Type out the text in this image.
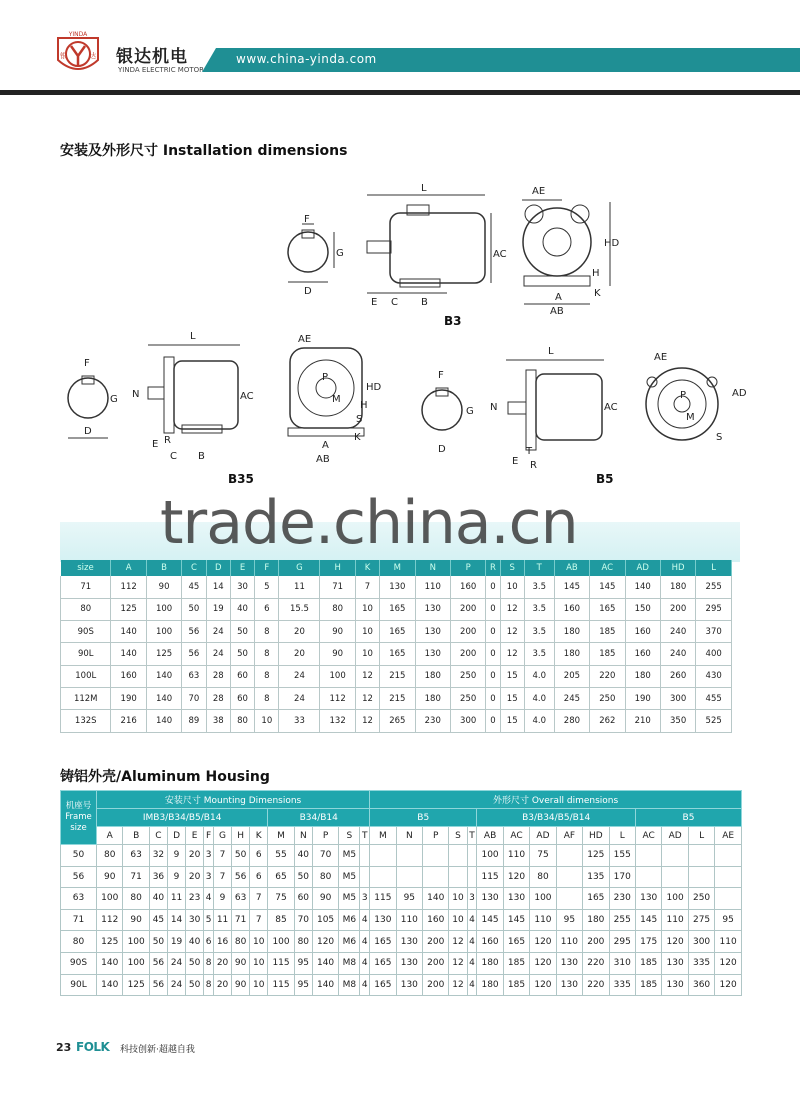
YINDA
银	达 银达机电
YINDA ELECTRIC MOTOR
www.china-yinda.com
安装及外形尺寸 Installation dimensions
F
G
D
L
AC
E C B
B3
AE
HD
H
K
A
AB
F
G
D
L
N	AC
E R
C B
B35
AE
P
M
HD
H
S
K
A
AB
F
G
D
L
N	AC
E R
T
B5
AE
P
M
AD
S
size	A	B	C	D	E	F	G	H	K	M	N	P	R	S	T	AB	AC	AD	HD	L
71	112	90	45	14	30	5	11	71	7	130	110	160	0	10	3.5	145	145	140	180	255
80	125	100	50	19	40	6	15.5	80	10	165	130	200	0	12	3.5	160	165	150	200	295
90S	140	100	56	24	50	8	20	90	10	165	130	200	0	12	3.5	180	185	160	240	370
90L	140	125	56	24	50	8	20	90	10	165	130	200	0	12	3.5	180	185	160	240	400
100L	160	140	63	28	60	8	24	100	12	215	180	250	0	15	4.0	205	220	180	260	430
112M	190	140	70	28	60	8	24	112	12	215	180	250	0	15	4.0	245	250	190	300	455
132S	216	140	89	38	80	10	33	132	12	265	230	300	0	15	4.0	280	262	210	350	525
trade.china.cn
铸铝外壳/Aluminum Housing
机座号
Frame
size	安装尺寸 Mounting Dimensions														外形尺寸 Overall dimensions														
	IMB3/B34/B5/B14									B34/B14					B5					B3/B34/B5/B14						B5			
	A	B	C	D	E	F	G	H	K	M	N	P	S	T	M	N	P	S	T	AB	AC	AD	AF	HD	L	AC	AD	L	AE
50	80	63	32	9	20	3	7	50	6	55	40	70	M5							100	110	75		125	155				
56	90	71	36	9	20	3	7	56	6	65	50	80	M5							115	120	80		135	170				
63	100	80	40	11	23	4	9	63	7	75	60	90	M5	3	115	95	140	10	3	130	130	100		165	230	130	100	250	
71	112	90	45	14	30	5	11	71	7	85	70	105	M6	4	130	110	160	10	4	145	145	110	95	180	255	145	110	275	95
80	125	100	50	19	40	6	16	80	10	100	80	120	M6	4	165	130	200	12	4	160	165	120	110	200	295	175	120	300	110
90S	140	100	56	24	50	8	20	90	10	115	95	140	M8	4	165	130	200	12	4	180	185	120	130	220	310	185	130	335	120
90L	140	125	56	24	50	8	20	90	10	115	95	140	M8	4	165	130	200	12	4	180	185	120	130	220	335	185	130	360	120
23 FOLK 科技创新·超越自我
